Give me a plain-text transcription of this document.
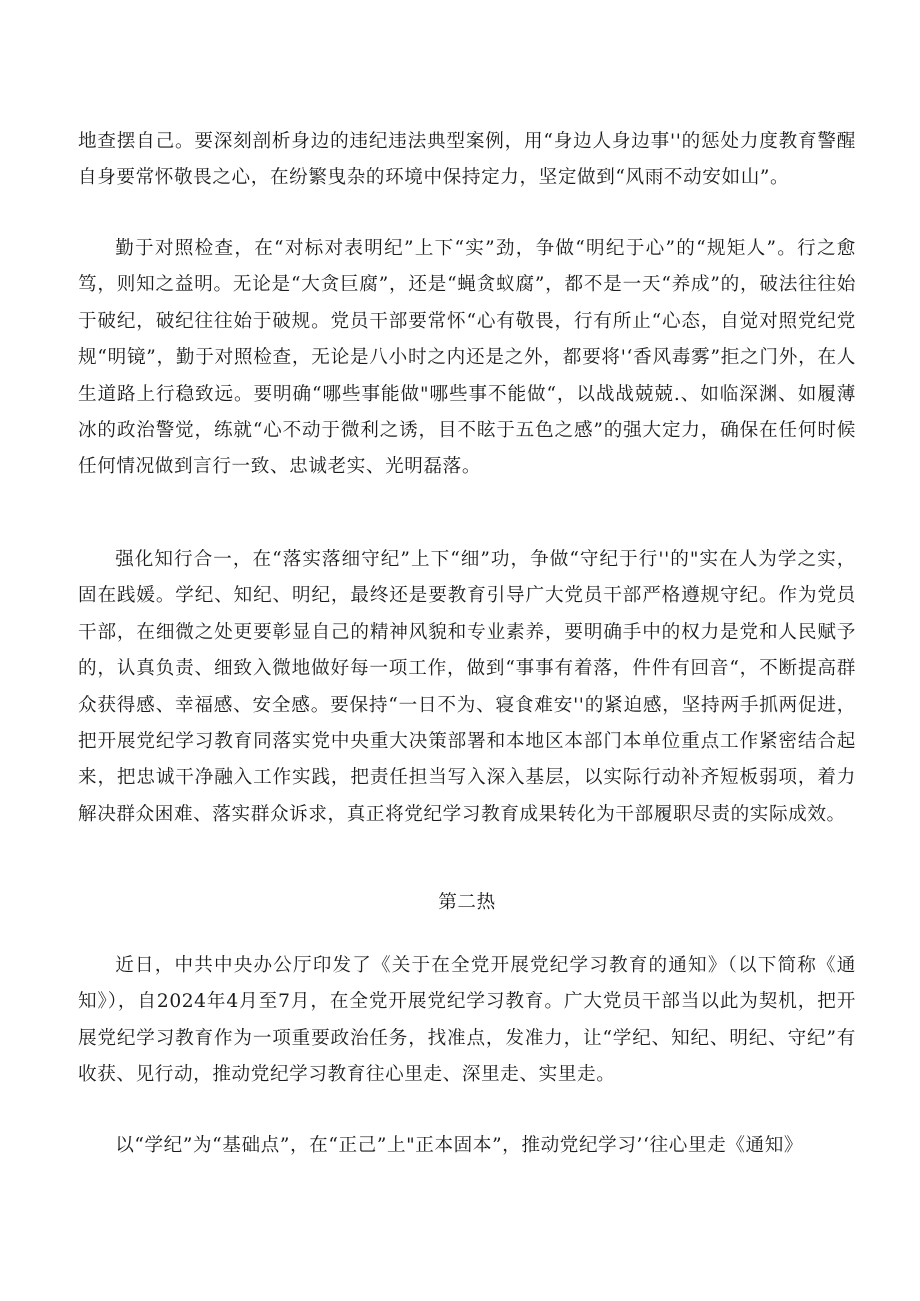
地查摆自己。要深刻剖析身边的违纪违法典型案例，用“身边人身边事''的惩处力度教育警醒自身要常怀敬畏之心，在纷繁曳杂的环境中保持定力，坚定做到“风雨不动安如山”。

勤于对照检查，在“对标对表明纪”上下“实”劲，争做“明纪于心”的“规矩人”。行之愈笃，则知之益明。无论是“大贪巨腐”，还是“蝇贪蚁腐”，都不是一天“养成”的，破法往往始于破纪，破纪往往始于破规。党员干部要常怀“心有敬畏，行有所止“心态，自觉对照党纪党规“明镜”，勤于对照检查，无论是八小时之内还是之外，都要将'‘香风毒雾”拒之门外，在人生道路上行稳致远。要明确“哪些事能做"哪些事不能做“，以战战兢兢.、如临深渊、如履薄冰的政治警觉，练就“心不动于微利之诱，目不眩于五色之感”的强大定力，确保在任何时候任何情况做到言行一致、忠诚老实、光明磊落。

强化知行合一，在“落实落细守纪”上下“细”功，争做“守纪于行''的"实在人为学之实，固在践媛。学纪、知纪、明纪，最终还是要教育引导广大党员干部严格遵规守纪。作为党员干部，在细微之处更要彰显自己的精神风貌和专业素养，要明确手中的权力是党和人民赋予的，认真负责、细致入微地做好每一项工作，做到“事事有着落，件件有回音“，不断提高群众获得感、幸福感、安全感。要保持“一日不为、寝食难安''的紧迫感，坚持两手抓两促进，把开展党纪学习教育同落实党中央重大决策部署和本地区本部门本单位重点工作紧密结合起来，把忠诚干净融入工作实践，把责任担当写入深入基层，以实际行动补齐短板弱项，着力解决群众困难、落实群众诉求，真正将党纪学习教育成果转化为干部履职尽责的实际成效。

第二热

近日，中共中央办公厅印发了《关于在全党开展党纪学习教育的通知》（以下简称《通知》），自2024年4月至7月，在全党开展党纪学习教育。广大党员干部当以此为契机，把开展党纪学习教育作为一项重要政治任务，找准点，发准力，让“学纪、知纪、明纪、守纪”有收获、见行动，推动党纪学习教育往心里走、深里走、实里走。

以“学纪”为“基础点”，在“正己”上"正本固本”，推动党纪学习’‘往心里走《通知》
